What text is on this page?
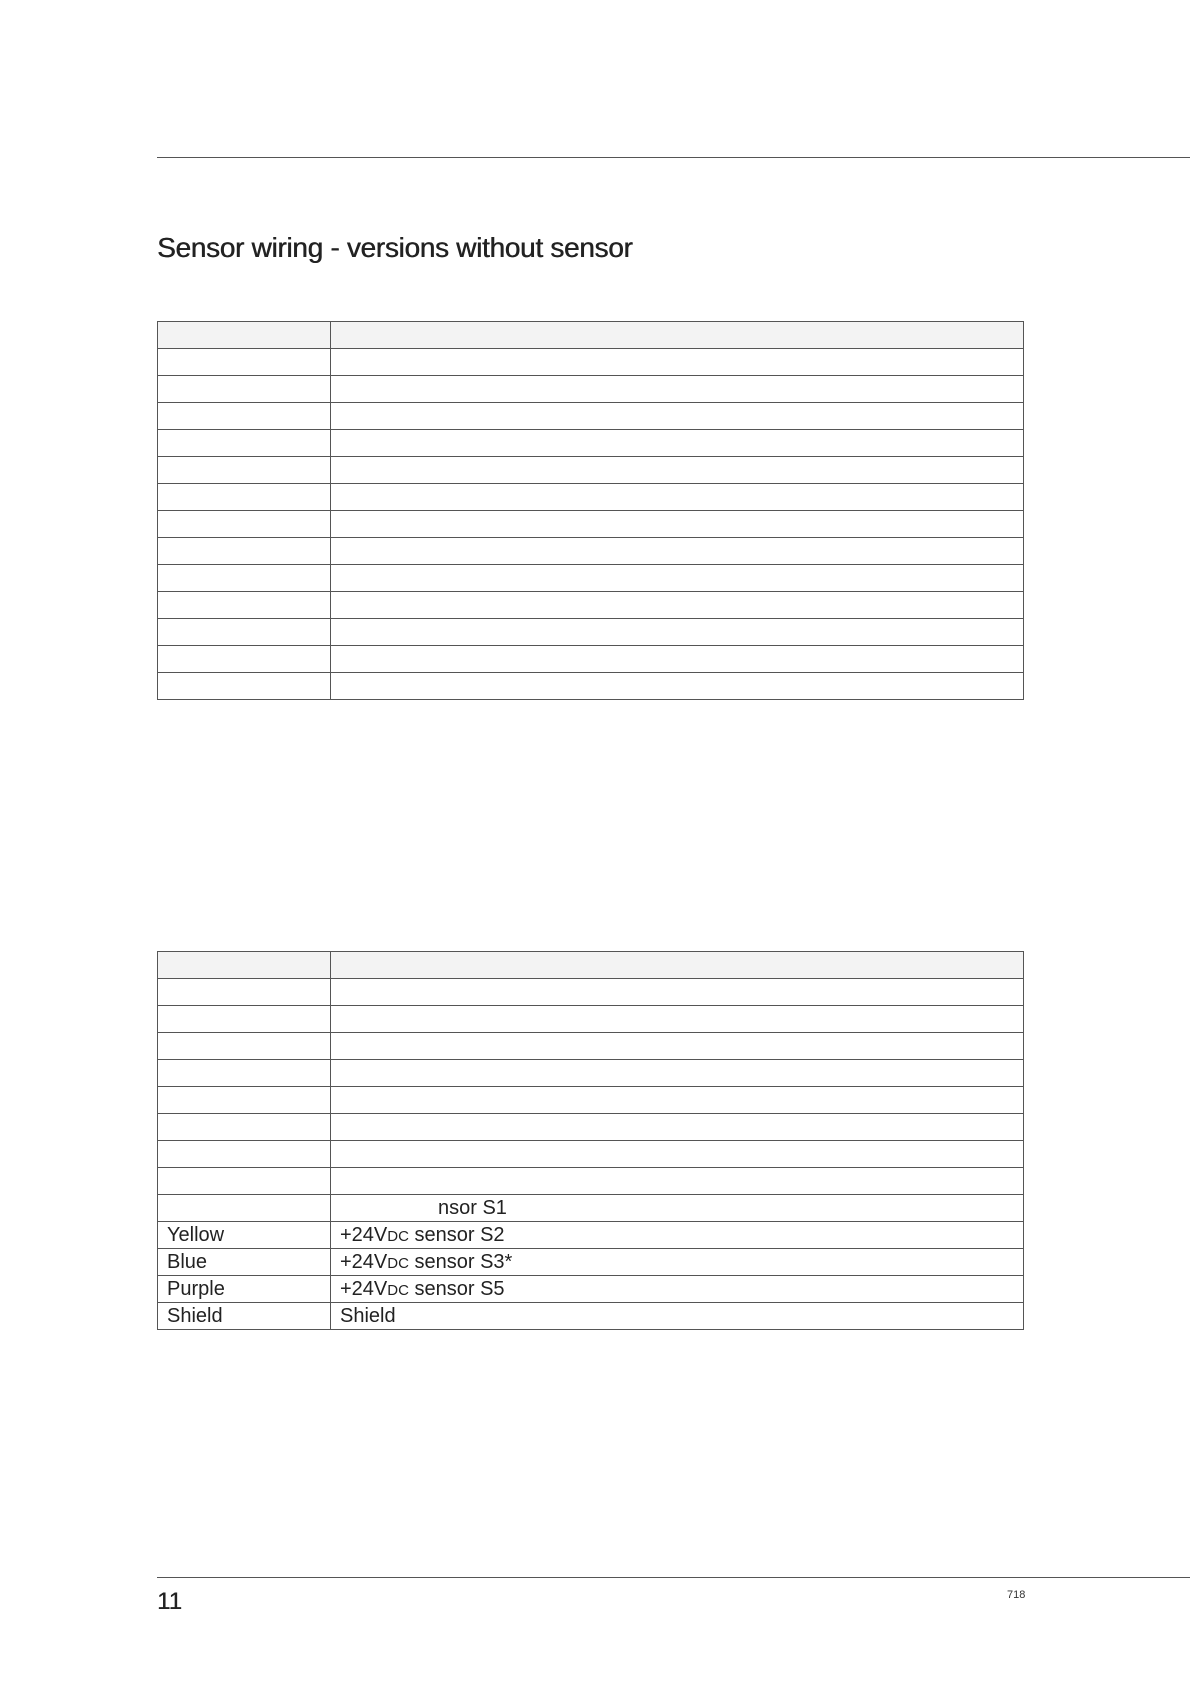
Sensor wiring - versions without sensor

	nsor S1
Yellow	+24VDC sensor S2
Blue	+24VDC sensor S3*
Purple	+24VDC sensor S5
Shield	Shield
11	718
